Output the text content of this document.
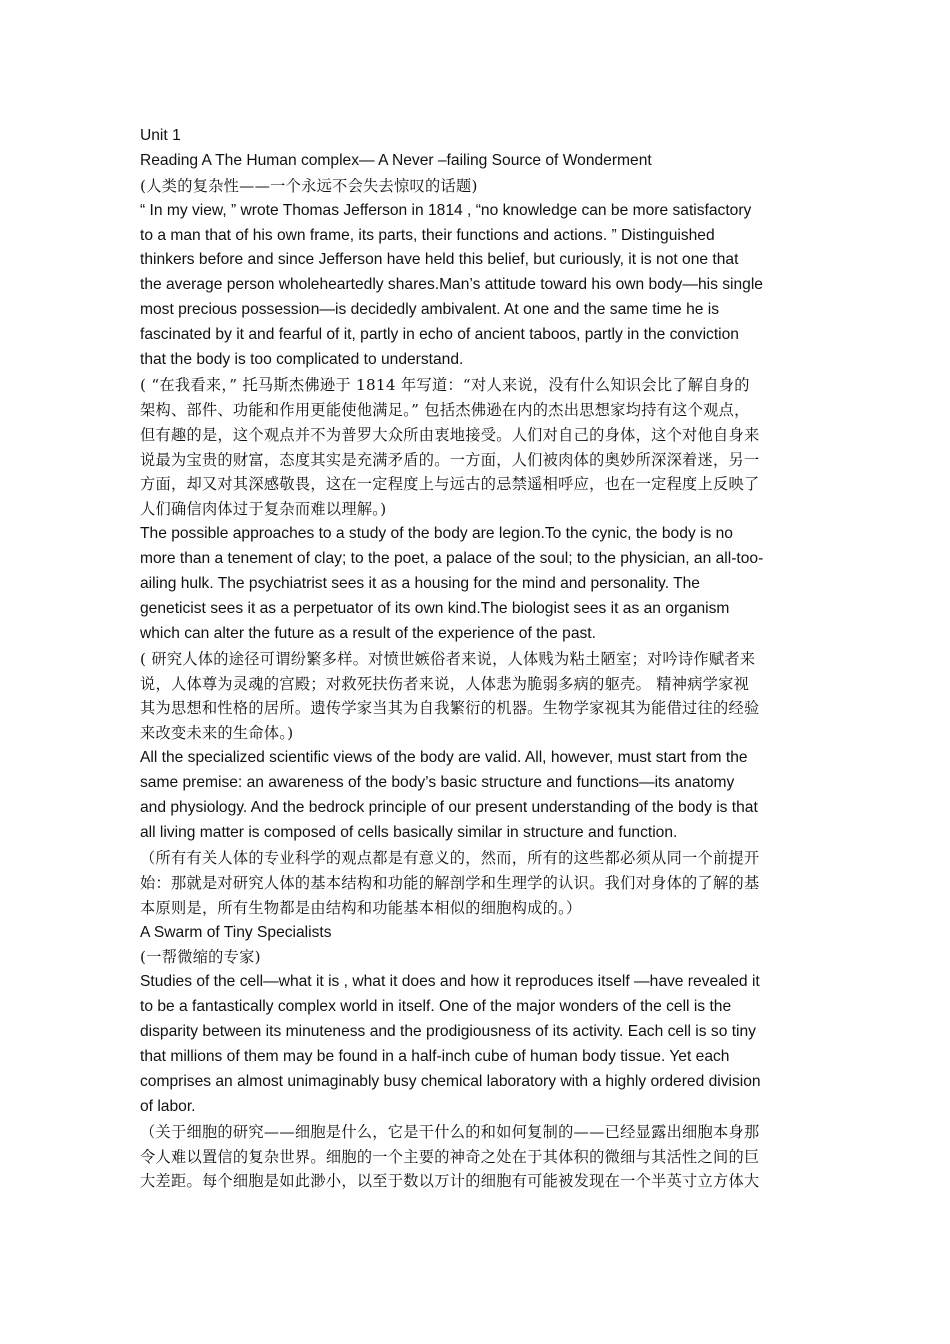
Unit 1
Reading A The Human complex— A Never –failing Source of Wonderment
(人类的复杂性——一个永远不会失去惊叹的话题)
“ In my view, ” wrote Thomas Jefferson in 1814 , “no knowledge can be more satisfactory
to a man that of his own frame, its parts, their functions and actions. ” Distinguished
thinkers before and since Jefferson have held this belief, but curiously, it is not one that
the average person wholeheartedly shares.Man’s attitude toward his own body—his single
most precious possession—is decidedly ambivalent. At one and the same time he is
fascinated by it and fearful of it, partly in echo of ancient taboos, partly in the conviction
that the body is too complicated to understand.
( “在我看来，” 托马斯杰佛逊于 1814 年写道：“对人来说，没有什么知识会比了解自身的
架构、部件、功能和作用更能使他满足。” 包括杰佛逊在内的杰出思想家均持有这个观点，
但有趣的是，这个观点并不为普罗大众所由衷地接受。人们对自己的身体，这个对他自身来
说最为宝贵的财富，态度其实是充满矛盾的。一方面，人们被肉体的奥妙所深深着迷，另一
方面，却又对其深感敬畏，这在一定程度上与远古的忌禁遥相呼应，也在一定程度上反映了
人们确信肉体过于复杂而难以理解。)
The possible approaches to a study of the body are legion.To the cynic, the body is no
more than a tenement of clay; to the poet, a palace of the soul; to the physician, an all-too-
ailing hulk. The psychiatrist sees it as a housing for the mind and personality. The
geneticist sees it as a perpetuator of its own kind.The biologist sees it as an organism
which can alter the future as a result of the experience of the past.
( 研究人体的途径可谓纷繁多样。对愤世嫉俗者来说，人体贱为粘土陋室；对吟诗作赋者来
说，人体尊为灵魂的宫殿；对救死扶伤者来说，人体悲为脆弱多病的躯壳。 精神病学家视
其为思想和性格的居所。遗传学家当其为自我繁衍的机器。生物学家视其为能借过往的经验
来改变未来的生命体。)
All the specialized scientific views of the body are valid. All, however, must start from the
same premise: an awareness of the body’s basic structure and functions—its anatomy
and physiology. And the bedrock principle of our present understanding of the body is that
all living matter is composed of cells basically similar in structure and function.
（所有有关人体的专业科学的观点都是有意义的，然而，所有的这些都必须从同一个前提开
始：那就是对研究人体的基本结构和功能的解剖学和生理学的认识。我们对身体的了解的基
本原则是，所有生物都是由结构和功能基本相似的细胞构成的。）
A Swarm of Tiny Specialists
(一帮微缩的专家)
Studies of the cell—what it is , what it does and how it reproduces itself —have revealed it
to be a fantastically complex world in itself. One of the major wonders of the cell is the
disparity between its minuteness and the prodigiousness of its activity. Each cell is so tiny
that millions of them may be found in a half-inch cube of human body tissue. Yet each
comprises an almost unimaginably busy chemical laboratory with a highly ordered division
of labor.
（关于细胞的研究——细胞是什么，它是干什么的和如何复制的——已经显露出细胞本身那
令人难以置信的复杂世界。细胞的一个主要的神奇之处在于其体积的微细与其活性之间的巨
大差距。每个细胞是如此渺小，以至于数以万计的细胞有可能被发现在一个半英寸立方体大
